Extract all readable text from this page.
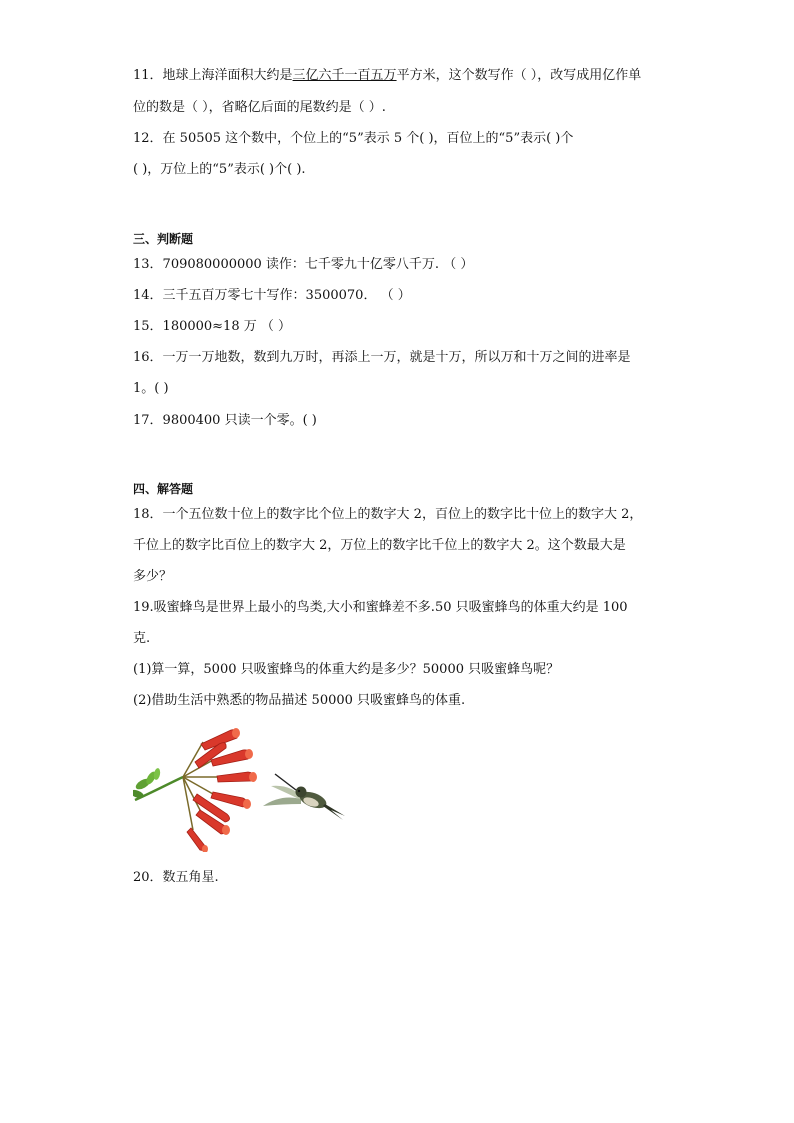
11．地球上海洋面积大约是三亿六千一百五万平方米，这个数写作（ ），改写成用亿作单
位的数是（ ），省略亿后面的尾数约是（ ）.
12．在 50505 这个数中，个位上的“5”表示 5 个( )，百位上的“5”表示( )个
( )，万位上的“5”表示( )个( ).
三、判断题
13．709080000000 读作：七千零九十亿零八千万. （ ）
14．三千五百万零七十写作：3500070． （ ）
15．180000≈18 万 （ ）
16．一万一万地数，数到九万时，再添上一万，就是十万，所以万和十万之间的进率是
1。( )
17．9800400 只读一个零。( )
四、解答题
18．一个五位数十位上的数字比个位上的数字大 2，百位上的数字比十位上的数字大 2，
千位上的数字比百位上的数字大 2，万位上的数字比千位上的数字大 2。这个数最大是
多少？
19.吸蜜蜂鸟是世界上最小的鸟类,大小和蜜蜂差不多.50 只吸蜜蜂鸟的体重大约是 100
克.
(1)算一算，5000 只吸蜜蜂鸟的体重大约是多少？50000 只吸蜜蜂鸟呢？
(2)借助生活中熟悉的物品描述 50000 只吸蜜蜂鸟的体重.
20．数五角星.
